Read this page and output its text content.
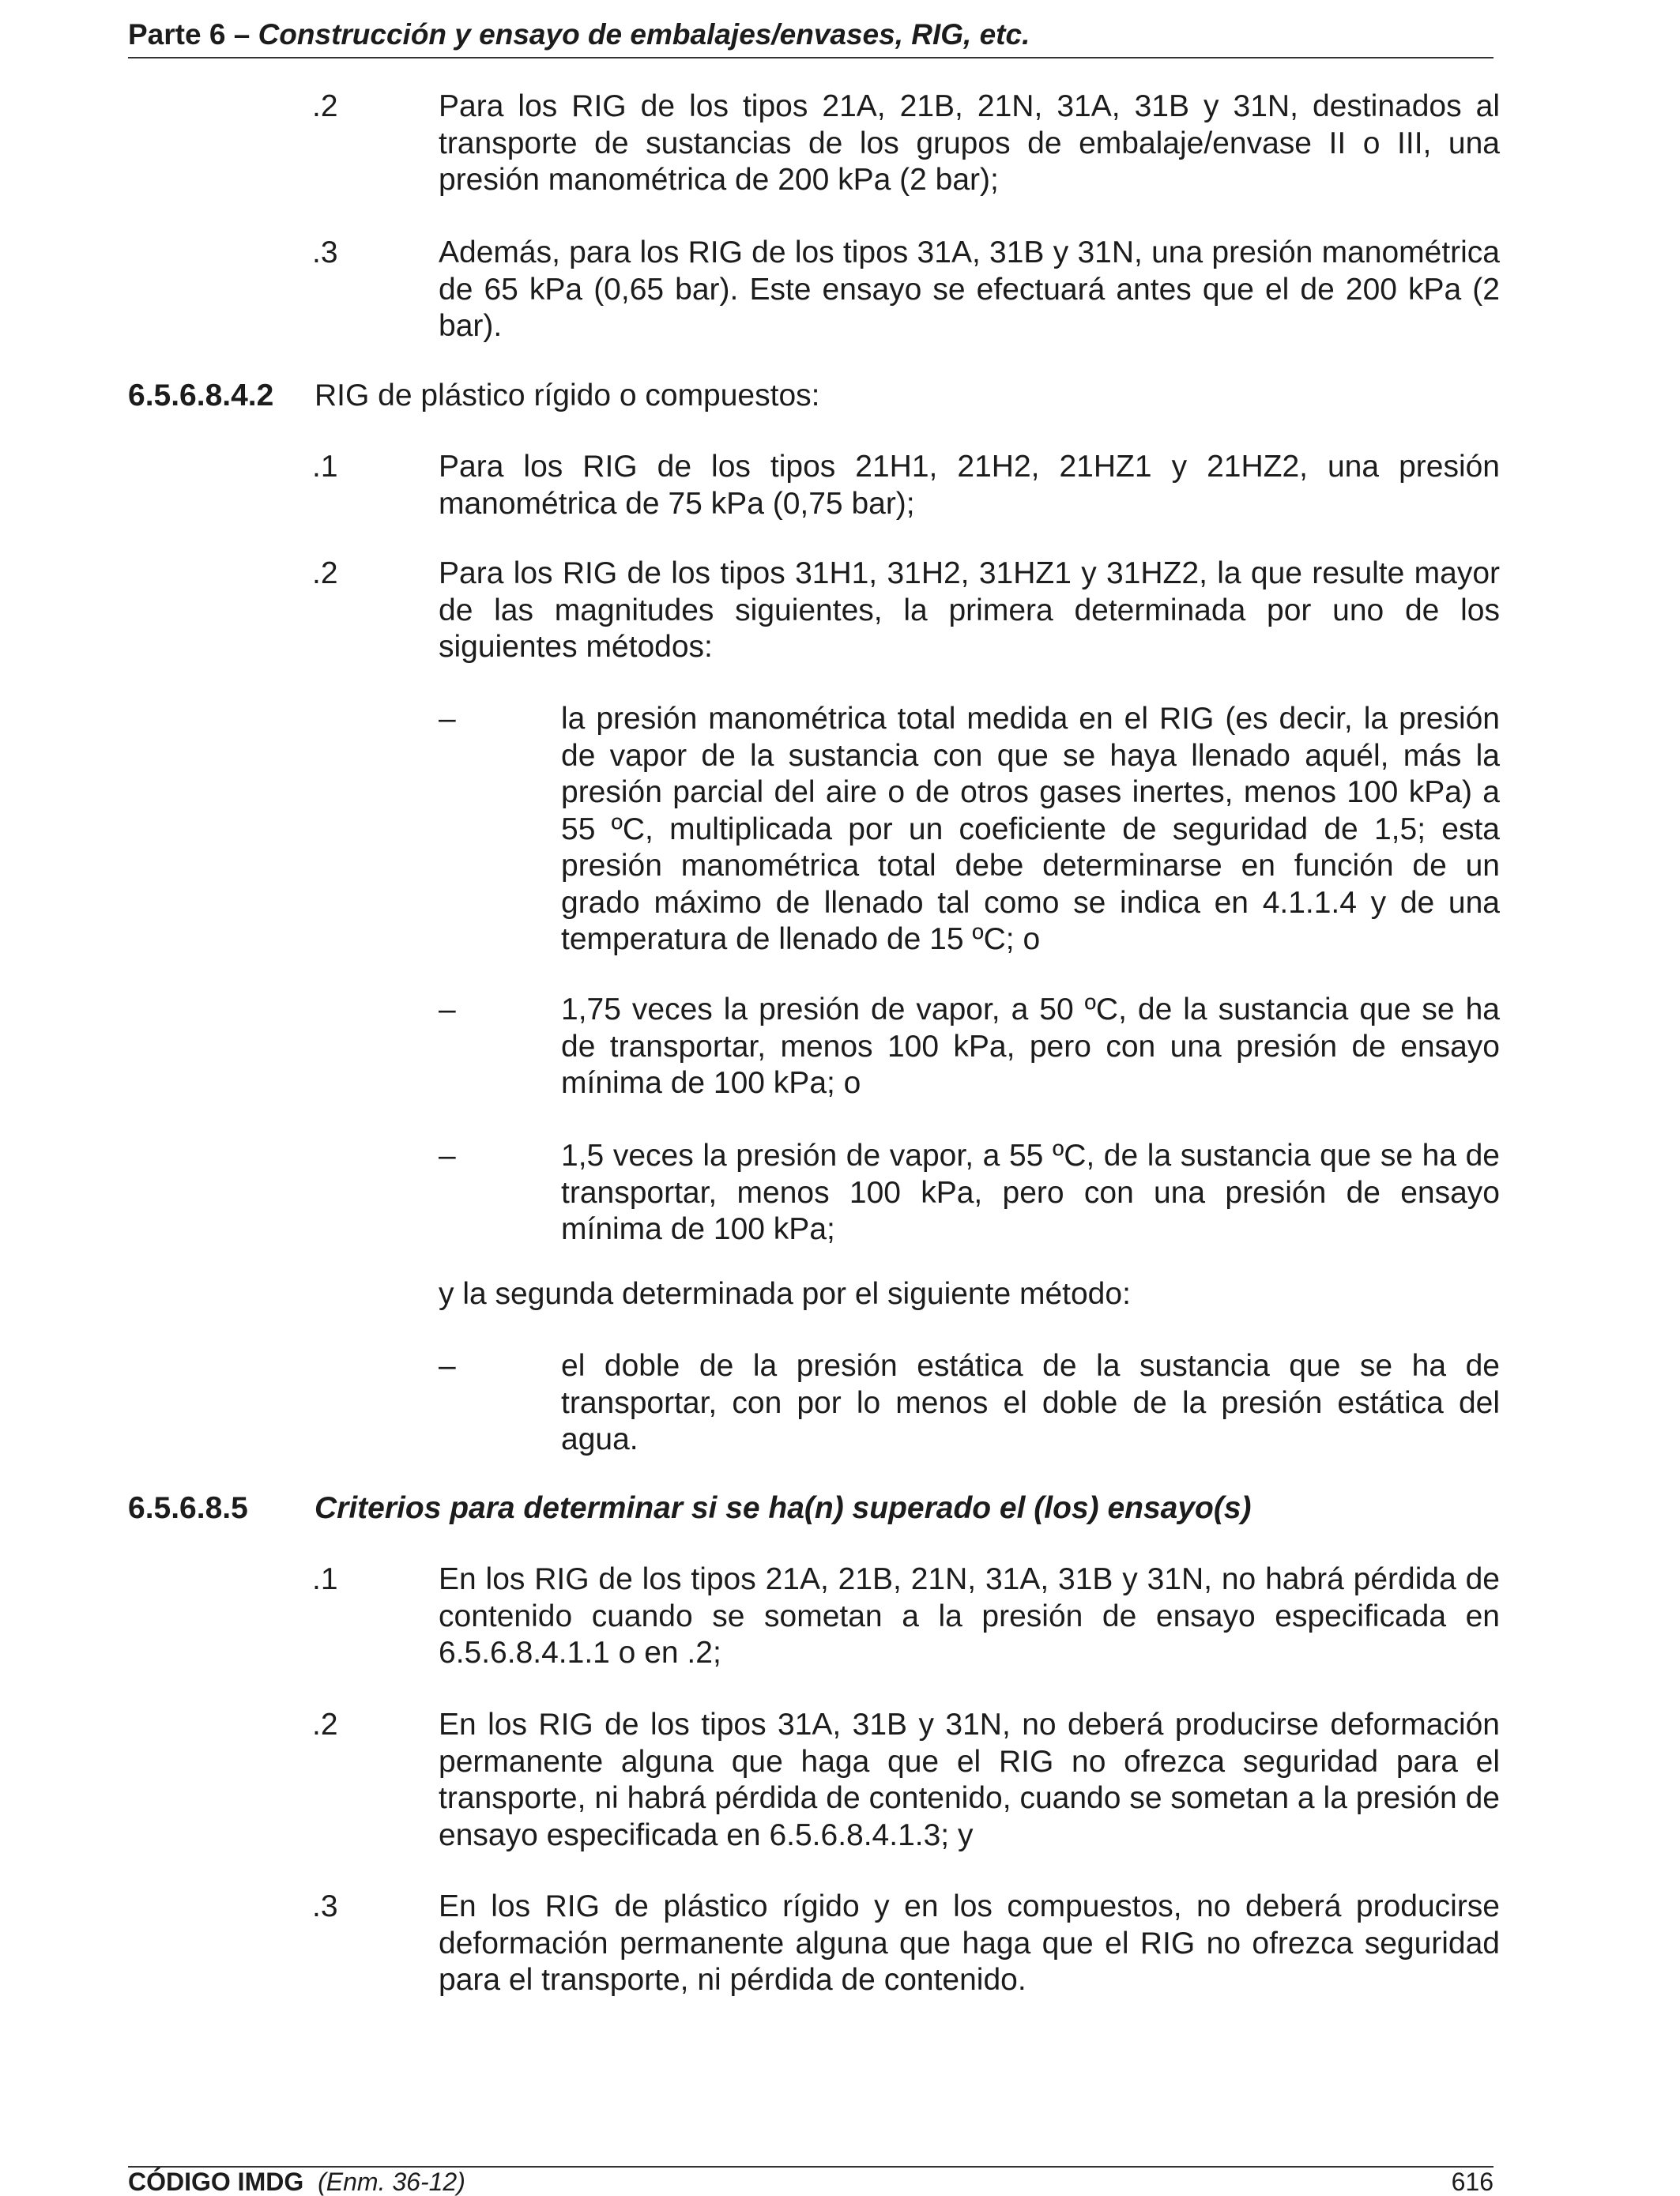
Parte 6 – Construcción y ensayo de embalajes/envases, RIG, etc.
.2	Para los RIG de los tipos 21A, 21B, 21N, 31A, 31B y 31N, destinados al transporte de sustancias de los grupos de embalaje/envase II o III, una presión manométrica de 200 kPa (2 bar);
.3	Además, para los RIG de los tipos 31A, 31B y 31N, una presión manométrica de 65 kPa (0,65 bar). Este ensayo se efectuará antes que el de 200 kPa (2 bar).
6.5.6.8.4.2 RIG de plástico rígido o compuestos:
.1	Para los RIG de los tipos 21H1, 21H2, 21HZ1 y 21HZ2, una presión manométrica de 75 kPa (0,75 bar);
.2	Para los RIG de los tipos 31H1, 31H2, 31HZ1 y 31HZ2, la que resulte mayor de las magnitudes siguientes, la primera determinada por uno de los siguientes métodos:
–	la presión manométrica total medida en el RIG (es decir, la presión de vapor de la sustancia con que se haya llenado aquél, más la presión parcial del aire o de otros gases inertes, menos 100 kPa) a 55 ºC, multiplicada por un coeficiente de seguridad de 1,5; esta presión manométrica total debe determinarse en función de un grado máximo de llenado tal como se indica en 4.1.1.4 y de una temperatura de llenado de 15 ºC; o
–	1,75 veces la presión de vapor, a 50 ºC, de la sustancia que se ha de transportar, menos 100 kPa, pero con una presión de ensayo mínima de 100 kPa; o
–	1,5 veces la presión de vapor, a 55 ºC, de la sustancia que se ha de transportar, menos 100 kPa, pero con una presión de ensayo mínima de 100 kPa;
y la segunda determinada por el siguiente método:
–	el doble de la presión estática de la sustancia que se ha de transportar, con por lo menos el doble de la presión estática del agua.
6.5.6.8.5 Criterios para determinar si se ha(n) superado el (los) ensayo(s)
.1	En los RIG de los tipos 21A, 21B, 21N, 31A, 31B y 31N, no habrá pérdida de contenido cuando se sometan a la presión de ensayo especificada en 6.5.6.8.4.1.1 o en .2;
.2	En los RIG de los tipos 31A, 31B y 31N, no deberá producirse deformación permanente alguna que haga que el RIG no ofrezca seguridad para el transporte, ni habrá pérdida de contenido, cuando se sometan a la presión de ensayo especificada en 6.5.6.8.4.1.3; y
.3	En los RIG de plástico rígido y en los compuestos, no deberá producirse deformación permanente alguna que haga que el RIG no ofrezca seguridad para el transporte, ni pérdida de contenido.
CÓDIGO IMDG (Enm. 36-12)	616
